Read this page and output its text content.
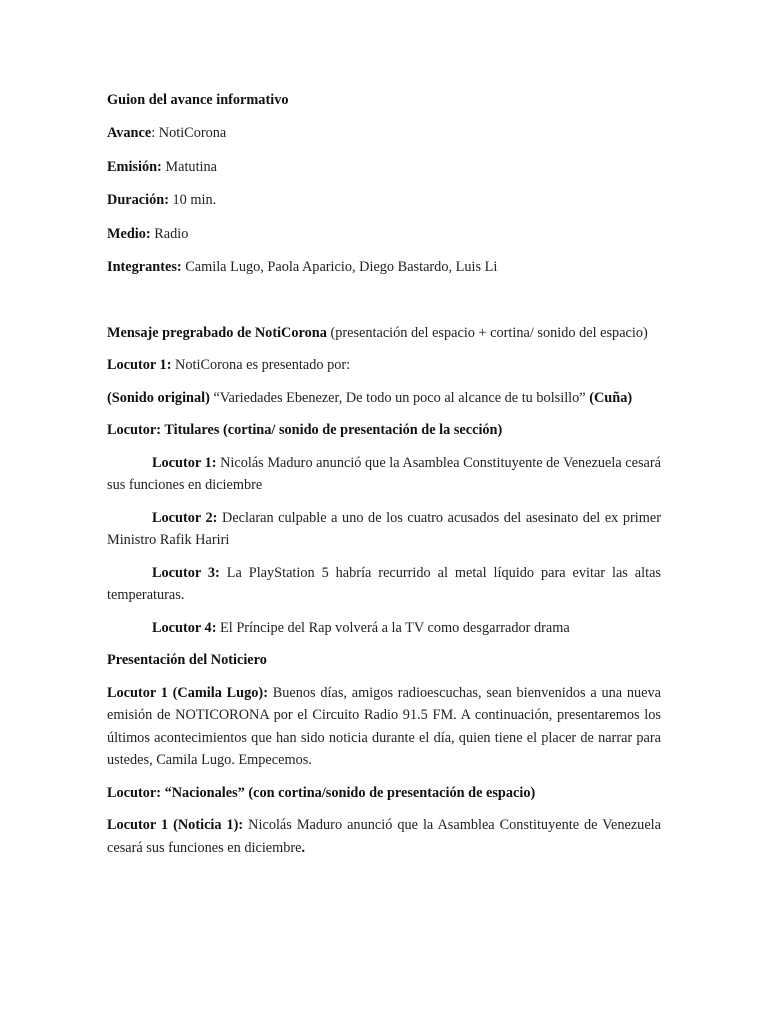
Guion del avance informativo

Avance: NotiCorona

Emisión: Matutina

Duración: 10 min.

Medio: Radio

Integrantes: Camila Lugo, Paola Aparicio, Diego Bastardo, Luis Li

Mensaje pregrabado de NotiCorona (presentación del espacio + cortina/ sonido del espacio)

Locutor 1: NotiCorona es presentado por:

(Sonido original) “Variedades Ebenezer, De todo un poco al alcance de tu bolsillo” (Cuña)

Locutor: Titulares (cortina/ sonido de presentación de la sección)

Locutor 1: Nicolás Maduro anunció que la Asamblea Constituyente de Venezuela cesará sus funciones en diciembre

Locutor 2: Declaran culpable a uno de los cuatro acusados del asesinato del ex primer Ministro Rafik Hariri

Locutor 3: La PlayStation 5 habría recurrido al metal líquido para evitar las altas temperaturas.

Locutor 4: El Príncipe del Rap volverá a la TV como desgarrador drama

Presentación del Noticiero

Locutor 1 (Camila Lugo): Buenos días, amigos radioescuchas, sean bienvenidos a una nueva emisión de NOTICORONA por el Circuito Radio 91.5 FM. A continuación, presentaremos los últimos acontecimientos que han sido noticia durante el día, quien tiene el placer de narrar para ustedes, Camila Lugo. Empecemos.

Locutor: “Nacionales” (con cortina/sonido de presentación de espacio)

Locutor 1 (Noticia 1): Nicolás Maduro anunció que la Asamblea Constituyente de Venezuela cesará sus funciones en diciembre.
